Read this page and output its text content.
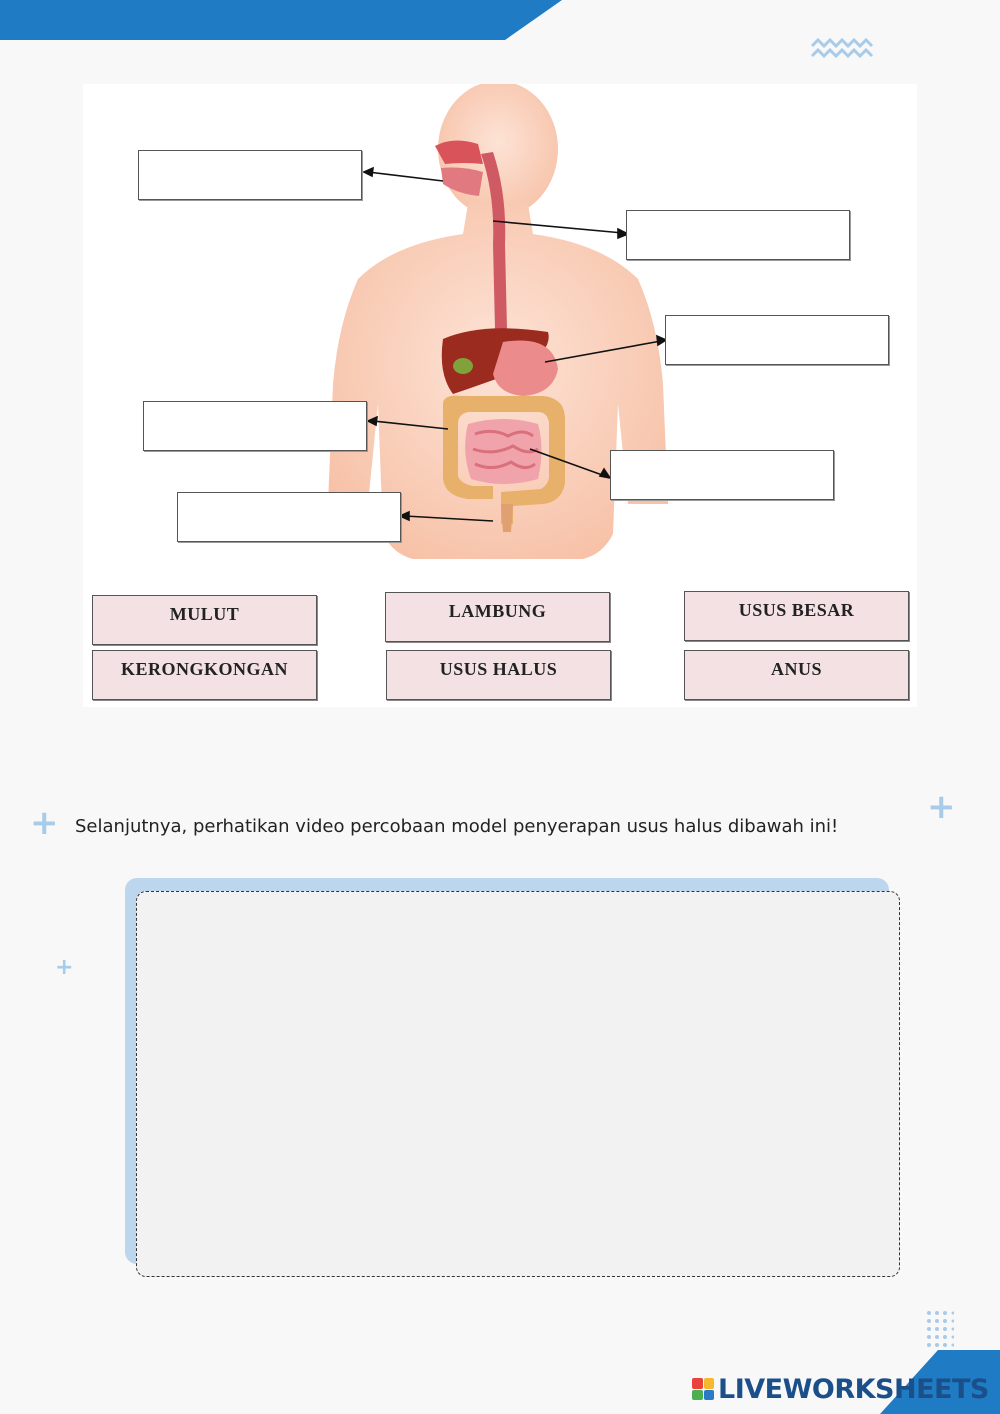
MULUT	LAMBUNG	USUS BESAR
KERONGKONGAN	USUS HALUS	ANUS
+	+
+
Selanjutnya, perhatikan video percobaan model penyerapan usus halus dibawah ini!
LIVEWORKSHEETS
